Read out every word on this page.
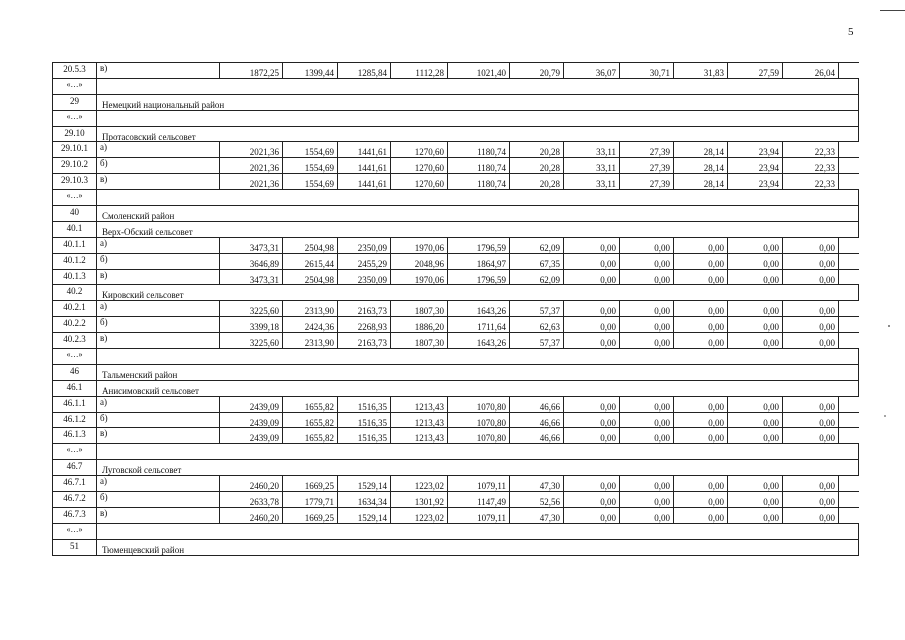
5
20.5.3	в)	1872,25	1399,44	1285,84	1112,28	1021,40	20,79	36,07	30,71	31,83	27,59	26,04
«…»
29	Немецкий национальный район
«…»
29.10	Протасовский сельсовет
29.10.1	а)	2021,36	1554,69	1441,61	1270,60	1180,74	20,28	33,11	27,39	28,14	23,94	22,33
29.10.2	б)	2021,36	1554,69	1441,61	1270,60	1180,74	20,28	33,11	27,39	28,14	23,94	22,33
29.10.3	в)	2021,36	1554,69	1441,61	1270,60	1180,74	20,28	33,11	27,39	28,14	23,94	22,33
«…»
40	Смоленский район
40.1	Верх-Обский сельсовет
40.1.1	а)	3473,31	2504,98	2350,09	1970,06	1796,59	62,09	0,00	0,00	0,00	0,00	0,00
40.1.2	б)	3646,89	2615,44	2455,29	2048,96	1864,97	67,35	0,00	0,00	0,00	0,00	0,00
40.1.3	в)	3473,31	2504,98	2350,09	1970,06	1796,59	62,09	0,00	0,00	0,00	0,00	0,00
40.2	Кировский сельсовет
40.2.1	а)	3225,60	2313,90	2163,73	1807,30	1643,26	57,37	0,00	0,00	0,00	0,00	0,00
40.2.2	б)	3399,18	2424,36	2268,93	1886,20	1711,64	62,63	0,00	0,00	0,00	0,00	0,00
40.2.3	в)	3225,60	2313,90	2163,73	1807,30	1643,26	57,37	0,00	0,00	0,00	0,00	0,00
«…»
46	Тальменский район
46.1	Анисимовский сельсовет
46.1.1	а)	2439,09	1655,82	1516,35	1213,43	1070,80	46,66	0,00	0,00	0,00	0,00	0,00
46.1.2	б)	2439,09	1655,82	1516,35	1213,43	1070,80	46,66	0,00	0,00	0,00	0,00	0,00
46.1.3	в)	2439,09	1655,82	1516,35	1213,43	1070,80	46,66	0,00	0,00	0,00	0,00	0,00
«…»
46.7	Луговской сельсовет
46.7.1	а)	2460,20	1669,25	1529,14	1223,02	1079,11	47,30	0,00	0,00	0,00	0,00	0,00
46.7.2	б)	2633,78	1779,71	1634,34	1301,92	1147,49	52,56	0,00	0,00	0,00	0,00	0,00
46.7.3	в)	2460,20	1669,25	1529,14	1223,02	1079,11	47,30	0,00	0,00	0,00	0,00	0,00
«…»
51	Тюменцевский район
